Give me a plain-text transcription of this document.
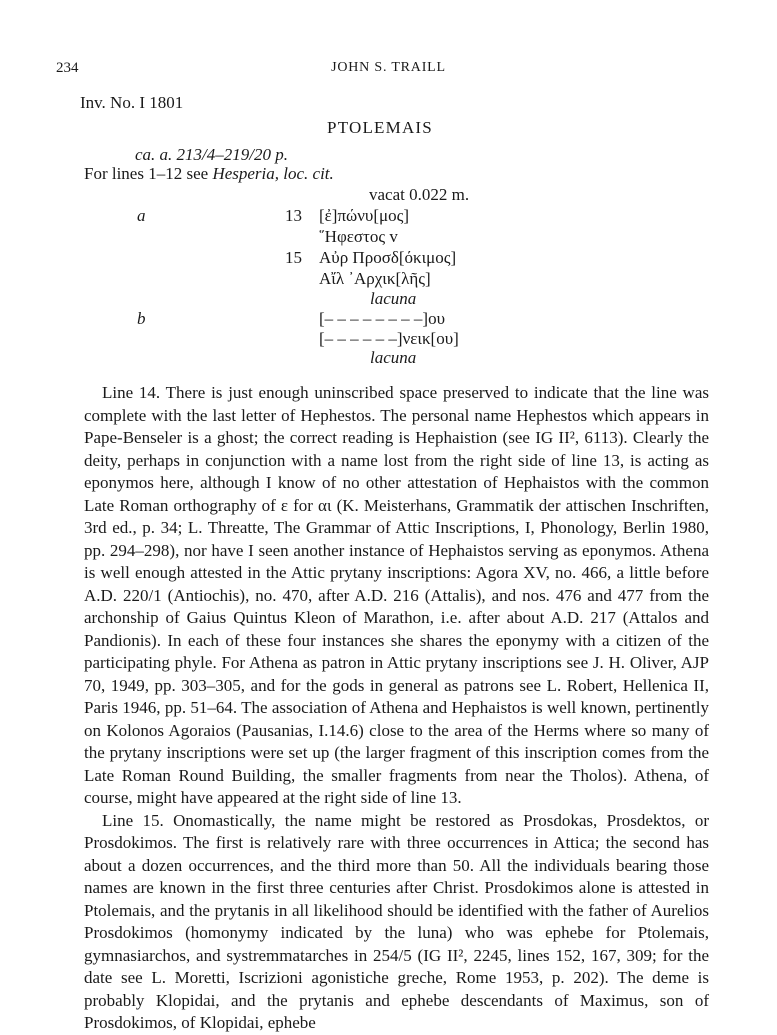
234	JOHN S. TRAILL
Inv. No. I 1801
PTOLEMAIS
ca. a. 213/4–219/20 p.
For lines 1–12 see Hesperia, loc. cit.
vacat 0.022 m.
a	13 [ἐ]πώνυ[μος]
῞Ηφεστος v
15 Αὐρ Προσδ[όκιμος]
Αἴλ ᾽Αρχικ[λῆς]
lacuna
b	[– – – – – – – –]ου
[– – – – – –]νεικ[ου]
lacuna

Line 14. There is just enough uninscribed space preserved to indicate that the line was complete with the last letter of Hephestos. The personal name Hephestos which appears in Pape-Benseler is a ghost; the correct reading is Hephaistion (see IG II², 6113). Clearly the deity, perhaps in conjunction with a name lost from the right side of line 13, is acting as eponymos here, although I know of no other attestation of Hephaistos with the common Late Roman orthography of ε for αι (K. Meisterhans, Grammatik der attischen Inschriften, 3rd ed., p. 34; L. Threatte, The Grammar of Attic Inscriptions, I, Phonology, Berlin 1980, pp. 294–298), nor have I seen another instance of Hephaistos serving as eponymos. Athena is well enough attested in the Attic prytany inscriptions: Agora XV, no. 466, a little before A.D. 220/1 (Antiochis), no. 470, after A.D. 216 (Attalis), and nos. 476 and 477 from the archonship of Gaius Quintus Kleon of Marathon, i.e. after about A.D. 217 (Attalos and Pandionis). In each of these four instances she shares the eponymy with a citizen of the participating phyle. For Athena as patron in Attic prytany inscriptions see J. H. Oliver, AJP 70, 1949, pp. 303–305, and for the gods in general as patrons see L. Robert, Hellenica II, Paris 1946, pp. 51–64. The association of Athena and Hephaistos is well known, pertinently on Kolonos Agoraios (Pausanias, I.14.6) close to the area of the Herms where so many of the prytany inscriptions were set up (the larger fragment of this inscription comes from the Late Roman Round Building, the smaller fragments from near the Tholos). Athena, of course, might have appeared at the right side of line 13.

Line 15. Onomastically, the name might be restored as Prosdokas, Prosdektos, or Prosdokimos. The first is relatively rare with three occurrences in Attica; the second has about a dozen occurrences, and the third more than 50. All the individuals bearing those names are known in the first three centuries after Christ. Prosdokimos alone is attested in Ptolemais, and the prytanis in all likelihood should be identified with the father of Aurelios Prosdokimos (homonymy indicated by the luna) who was ephebe for Ptolemais, gymnasiarchos, and systremmatarches in 254/5 (IG II², 2245, lines 152, 167, 309; for the date see L. Moretti, Iscrizioni agonistiche greche, Rome 1953, p. 202). The deme is probably Klopidai, and the prytanis and ephebe descendants of Maximus, son of Prosdokimos, of Klopidai, ephebe
